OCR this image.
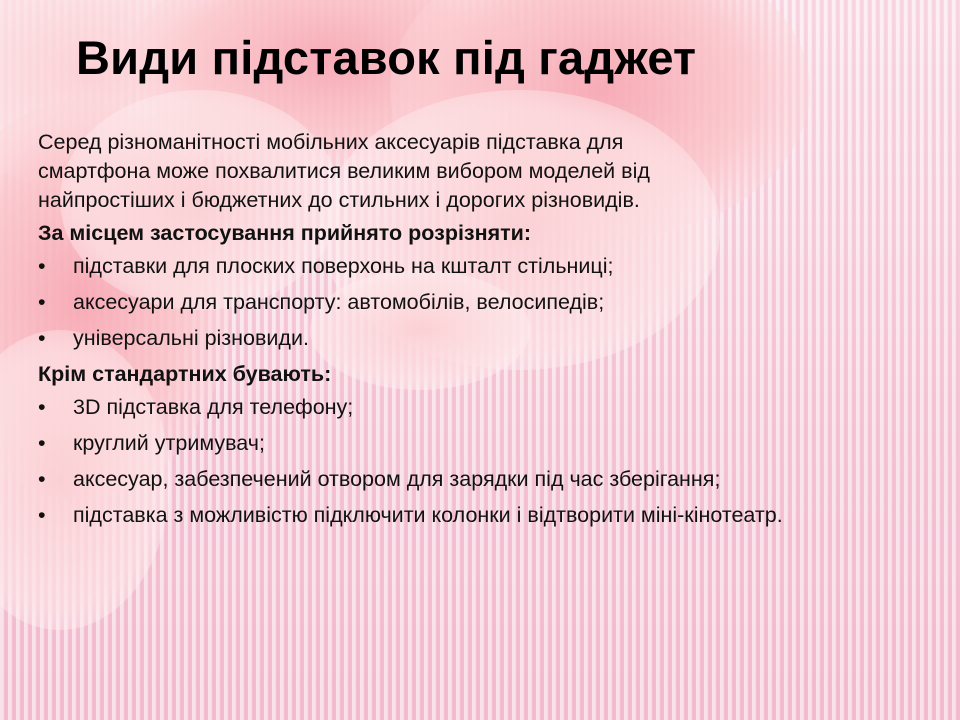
Види підставок під гаджет

Серед різноманітності мобільних аксесуарів підставка для
смартфона може похвалитися великим вибором моделей від
найпростіших і бюджетних до стильних і дорогих різновидів.

За місцем застосування прийнято розрізняти:

•	підставки для плоских поверхонь на кшталт стільниці;
•	аксесуари для транспорту: автомобілів, велосипедів;
•	універсальні різновиди.

Крім стандартних бувають:

•	3D підставка для телефону;
•	круглий утримувач;
•	аксесуар, забезпечений отвором для зарядки під час зберігання;
•	підставка з можливістю підключити колонки і відтворити міні-кінотеатр.
